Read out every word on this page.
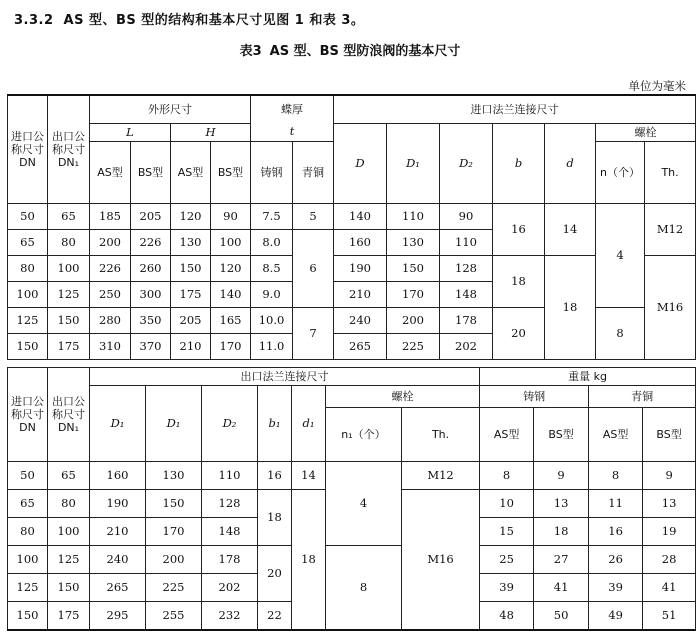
3.3.2 AS 型、BS 型的结构和基本尺寸见图 1 和表 3。
表3 AS 型、BS 型防浪阀的基本尺寸
单位为毫米
进口公称尺寸 DN	出口公称尺寸 DN₁	外形尺寸				蝶厚		进口法兰连接尺寸						
		L		H		t		D	D₁	D₂	b	d	螺栓	
		AS型	BS型	AS型	BS型	铸钢	青铜						n（个）	Th.
50	65	185	205	120	90	7.5	5	140	110	90	16	14	4	M12
65	80	200	226	130	100	8.0	6	160	130	110				
80	100	226	260	150	120	8.5		190	150	128	18	18		M16
100	125	250	300	175	140	9.0		210	170	148				
125	150	280	350	205	165	10.0	7	240	200	178	20		8	
150	175	310	370	210	170	11.0		265	225	202				
进口公称尺寸 DN	出口公称尺寸 DN₁	出口法兰连接尺寸							重量 kg			
		D₁	D₁	D₂	b₁	d₁	螺栓		铸钢		青铜	
							n₁（个）	Th.	AS型	BS型	AS型	BS型
50	65	160	130	110	16	14	4	M12	8	9	8	9
65	80	190	150	128	18	18		M16	10	13	11	13
80	100	210	170	148					15	18	16	19
100	125	240	200	178	20		8		25	27	26	28
125	150	265	225	202					39	41	39	41
150	175	295	255	232	22				48	50	49	51
